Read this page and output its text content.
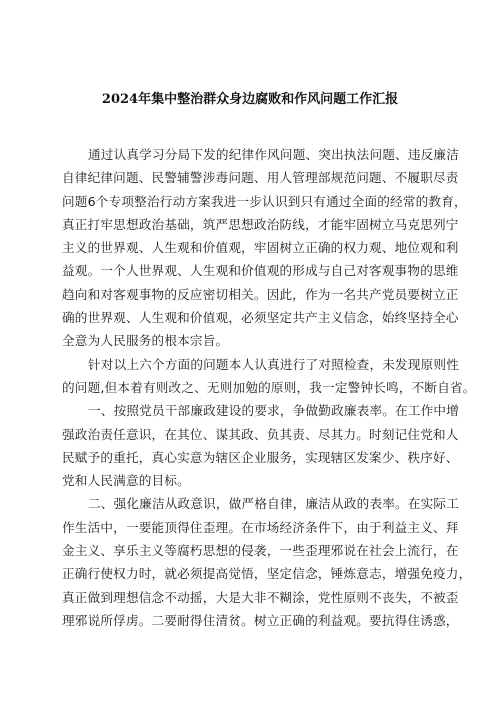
2024年集中整治群众身边腐败和作风问题工作汇报
通过认真学习分局下发的纪律作风问题、突出执法问题、违反廉洁
自律纪律问题、民警辅警涉毒问题、用人管理部规范问题、不履职尽责
问题6个专项整治行动方案我进一步认识到只有通过全面的经常的教育，
真正打牢思想政治基础，筑严思想政治防线，才能牢固树立马克思列宁
主义的世界观、人生观和价值观，牢固树立正确的权力观、地位观和利
益观。一个人世界观、人生观和价值观的形成与自己对客观事物的思维
趋向和对客观事物的反应密切相关。因此，作为一名共产党员要树立正
确的世界观、人生观和价值观，必须坚定共产主义信念，始终坚持全心
全意为人民服务的根本宗旨。
针对以上六个方面的问题本人认真进行了对照检查，未发现原则性
的问题,但本着有则改之、无则加勉的原则，我一定警钟长鸣，不断自省。
一、按照党员干部廉政建设的要求，争做勤政廉表率。在工作中增
强政治责任意识，在其位、谋其政、负其责、尽其力。时刻记住党和人
民赋予的重托，真心实意为辖区企业服务，实现辖区发案少、秩序好、
党和人民满意的目标。
二、强化廉洁从政意识，做严格自律，廉洁从政的表率。在实际工
作生活中，一要能顶得住歪理。在市场经济条件下，由于利益主义、拜
金主义、享乐主义等腐朽思想的侵袭，一些歪理邪说在社会上流行，在
正确行使权力时，就必须提高觉悟，坚定信念，锤炼意志，增强免疫力，
真正做到理想信念不动摇，大是大非不糊涂，党性原则不丧失，不被歪
理邪说所俘虏。二要耐得住清贫。树立正确的利益观。要抗得住诱惑，
